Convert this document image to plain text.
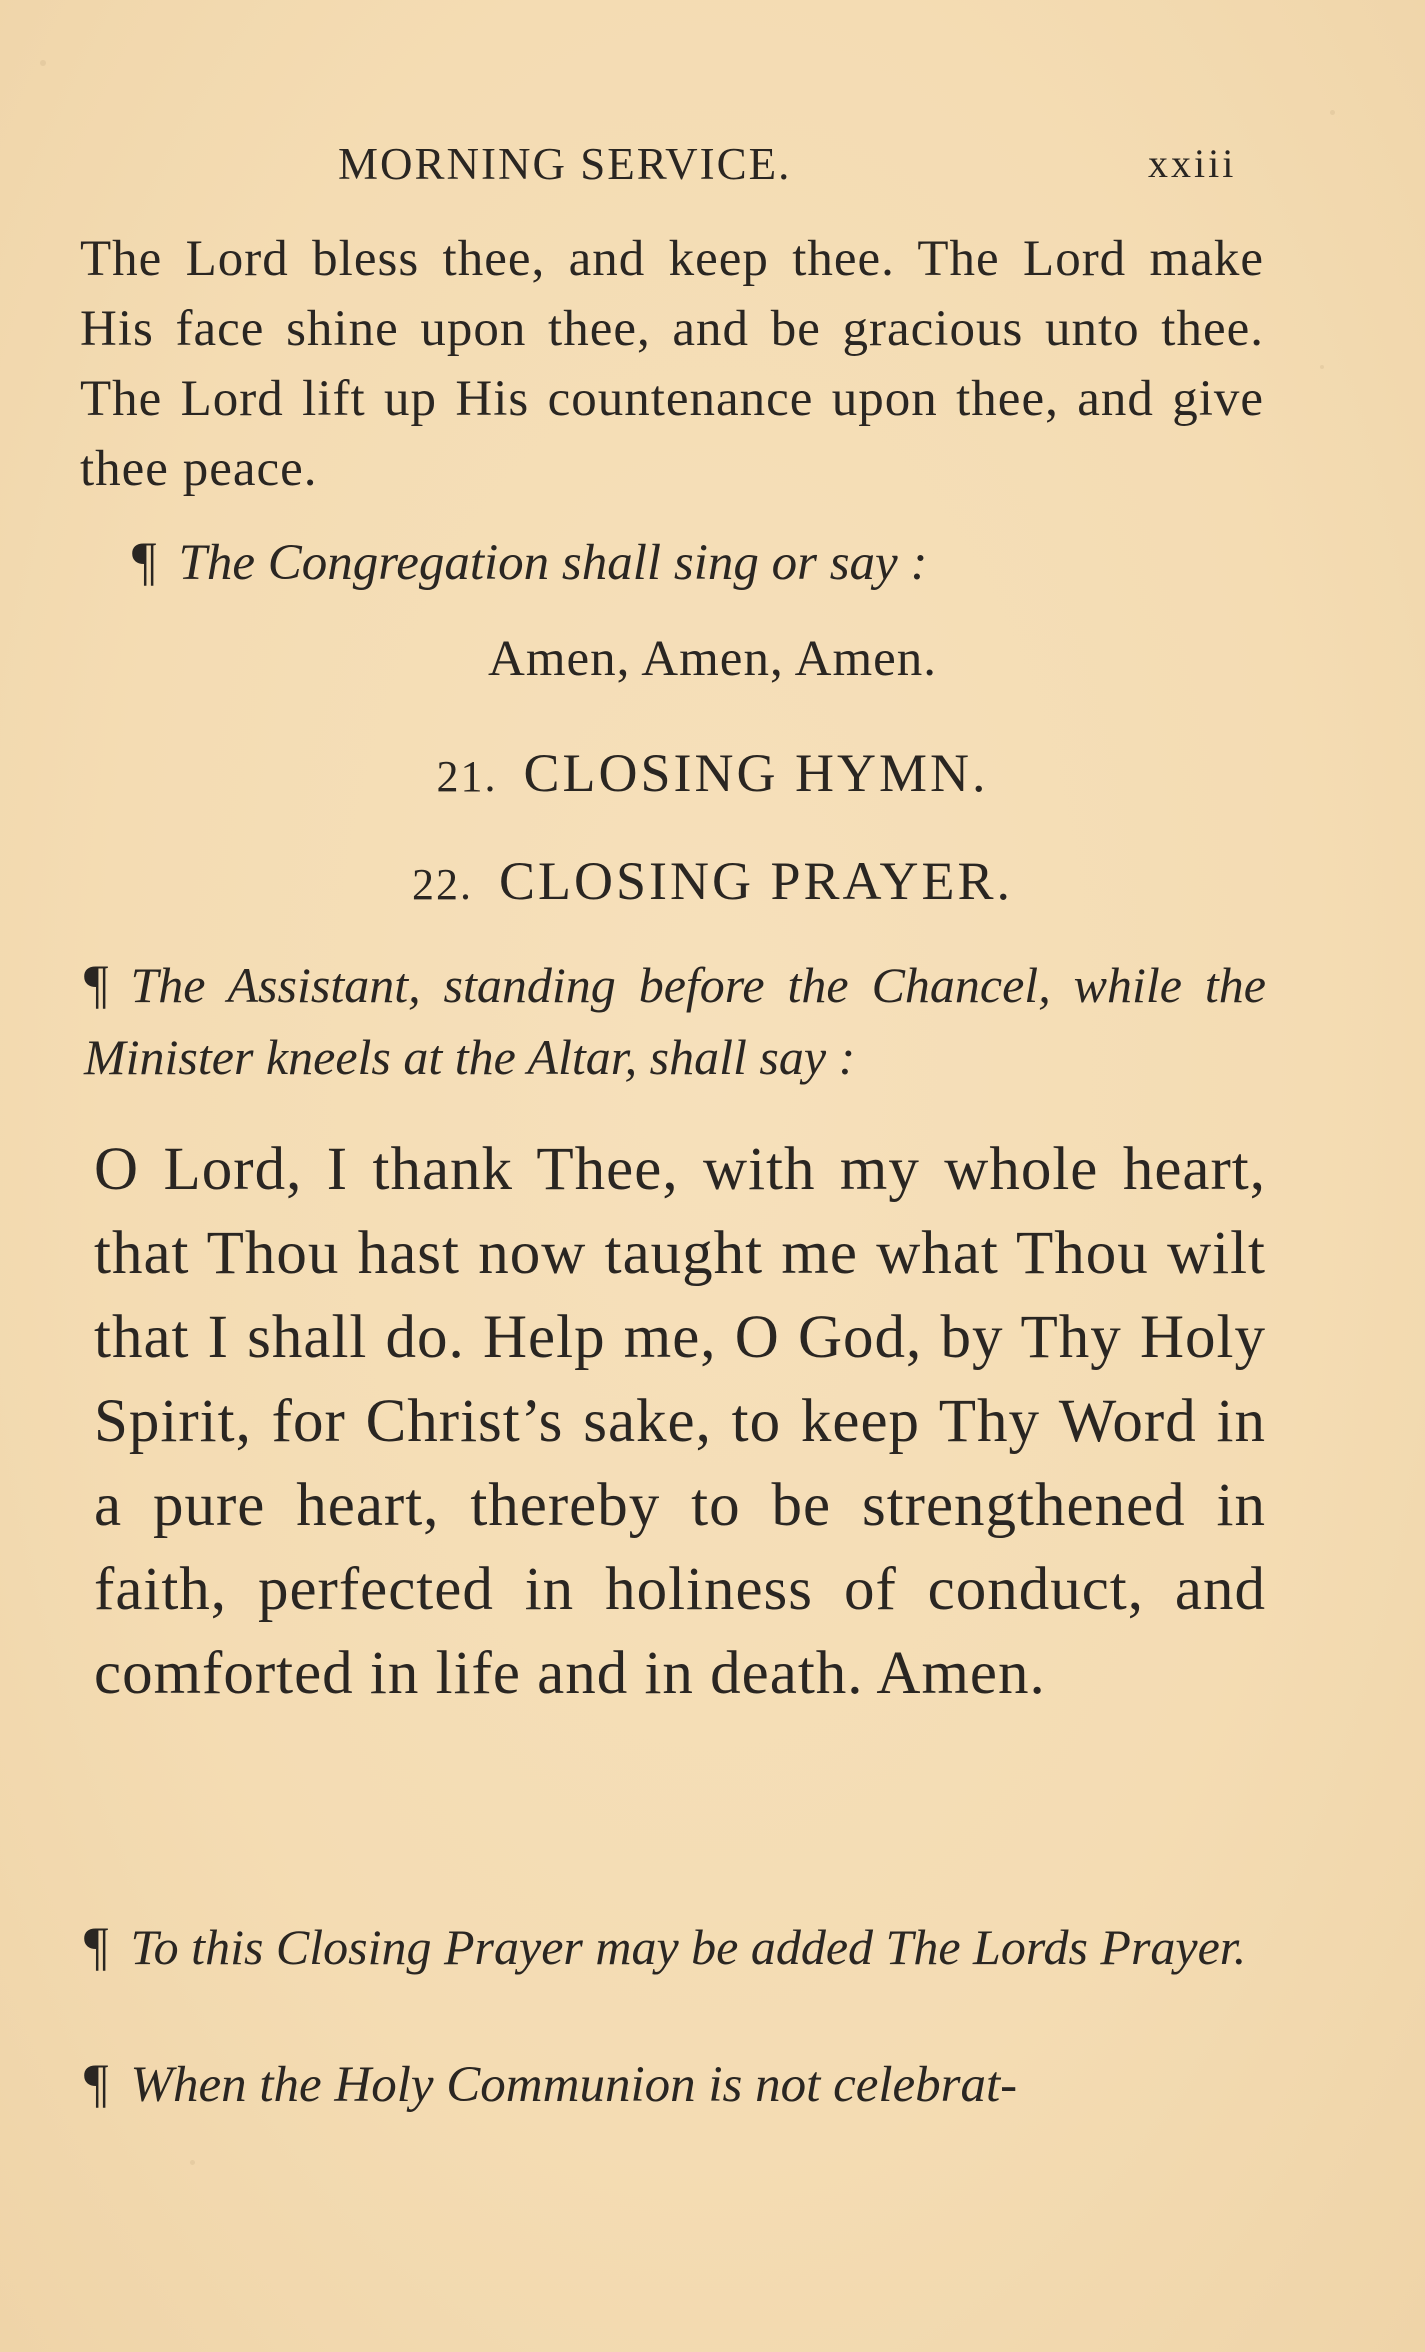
MORNING SERVICE.	xxiii
The Lord bless thee, and keep thee. The Lord make His face shine upon thee, and be gracious unto thee. The Lord lift up His countenance upon thee, and give thee peace.
¶ The Congregation shall sing or say :
Amen, Amen, Amen.
21. CLOSING HYMN.
22. CLOSING PRAYER.
¶ The Assistant, standing before the Chancel, while the Minister kneels at the Altar, shall say :
O Lord, I thank Thee, with my whole heart, that Thou hast now taught me what Thou wilt that I shall do. Help me, O God, by Thy Holy Spirit, for Christ’s sake, to keep Thy Word in a pure heart, thereby to be strengthened in faith, perfected in holiness of conduct, and comforted in life and in death. Amen.
¶ To this Closing Prayer may be added The Lords Prayer.
¶ When the Holy Communion is not celebrat-
